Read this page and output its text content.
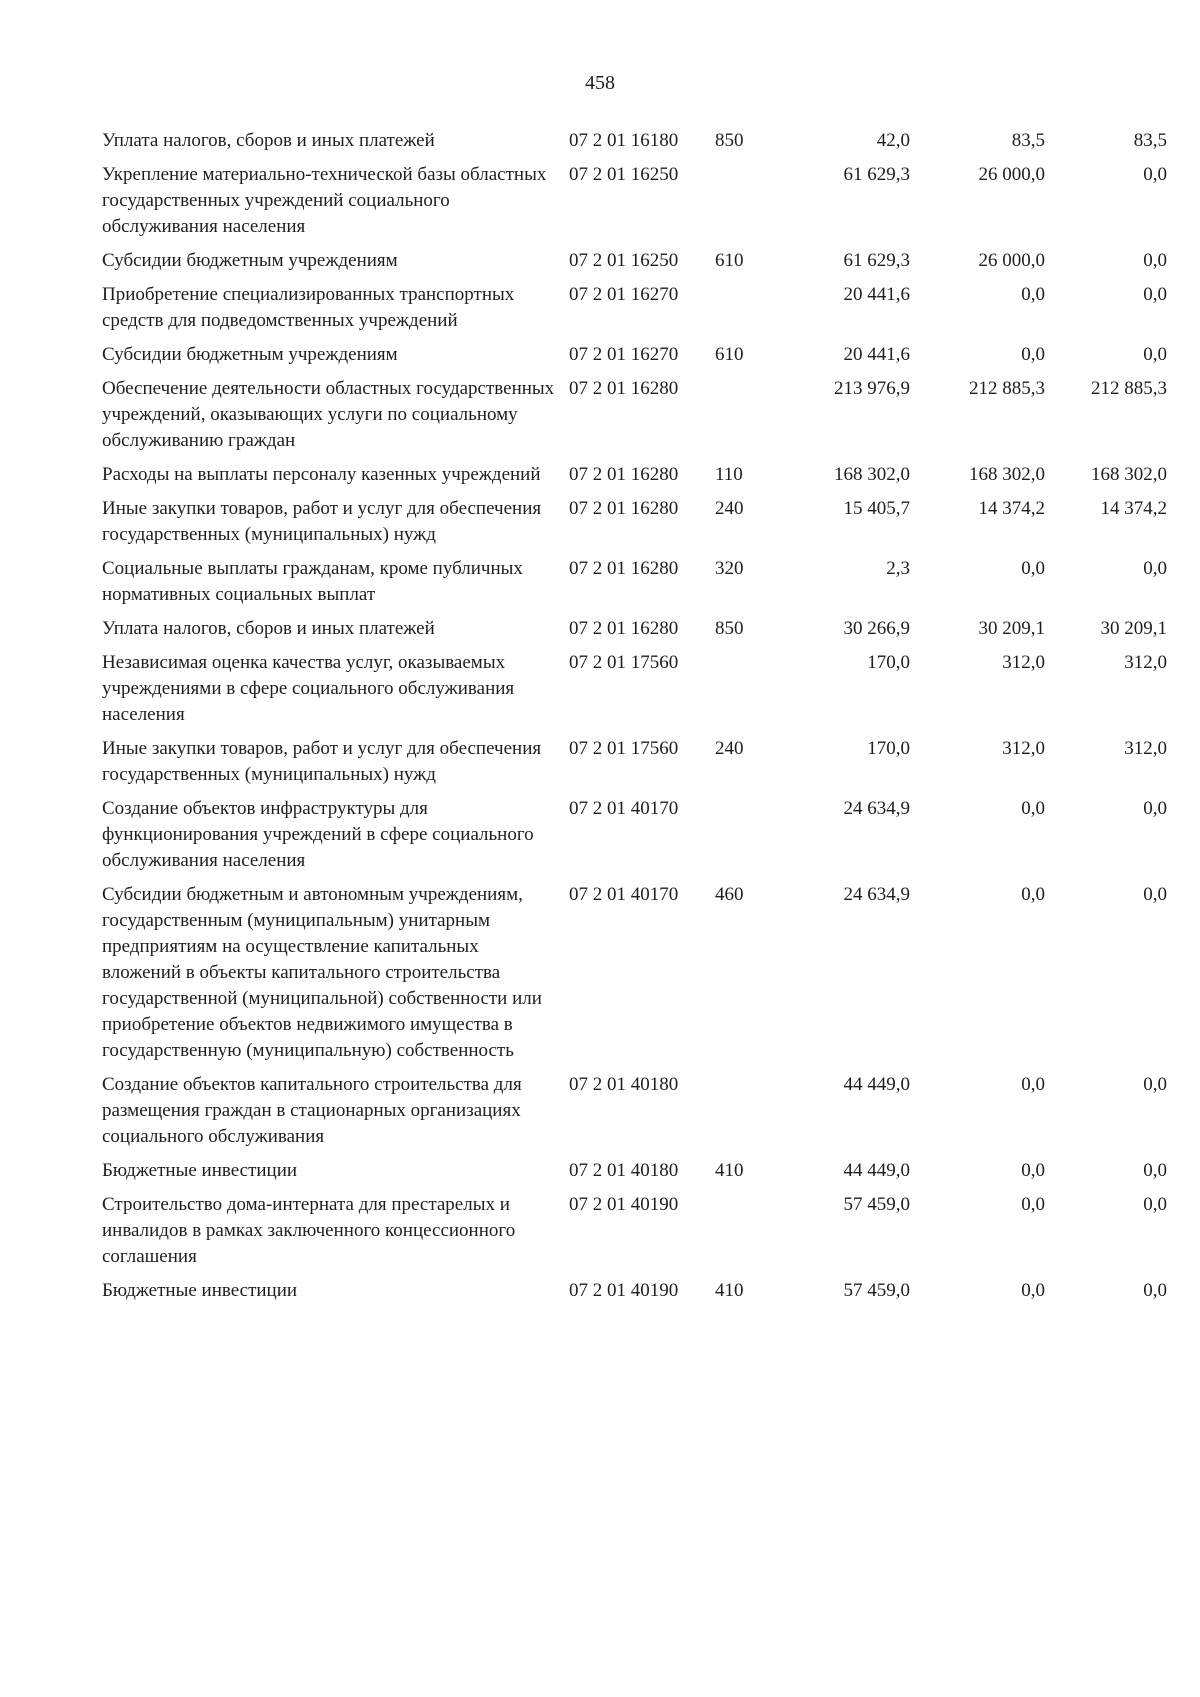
458
Уплата налогов, сборов и иных платежей	07 2 01 16180	850	42,0	83,5	83,5
Укрепление материально-технической базы областных государственных учреждений социального обслуживания населения	07 2 01 16250		61 629,3	26 000,0	0,0
Субсидии бюджетным учреждениям	07 2 01 16250	610	61 629,3	26 000,0	0,0
Приобретение специализированных транспортных средств для подведомственных учреждений	07 2 01 16270		20 441,6	0,0	0,0
Субсидии бюджетным учреждениям	07 2 01 16270	610	20 441,6	0,0	0,0
Обеспечение деятельности областных государственных учреждений, оказывающих услуги по социальному обслуживанию граждан	07 2 01 16280		213 976,9	212 885,3	212 885,3
Расходы на выплаты персоналу казенных учреждений	07 2 01 16280	110	168 302,0	168 302,0	168 302,0
Иные закупки товаров, работ и услуг для обеспечения государственных (муниципальных) нужд	07 2 01 16280	240	15 405,7	14 374,2	14 374,2
Социальные выплаты гражданам, кроме публичных нормативных социальных выплат	07 2 01 16280	320	2,3	0,0	0,0
Уплата налогов, сборов и иных платежей	07 2 01 16280	850	30 266,9	30 209,1	30 209,1
Независимая оценка качества услуг, оказываемых учреждениями в сфере социального обслуживания населения	07 2 01 17560		170,0	312,0	312,0
Иные закупки товаров, работ и услуг для обеспечения государственных (муниципальных) нужд	07 2 01 17560	240	170,0	312,0	312,0
Создание объектов инфраструктуры для функционирования учреждений в сфере социального обслуживания населения	07 2 01 40170		24 634,9	0,0	0,0
Субсидии бюджетным и автономным учреждениям, государственным (муниципальным) унитарным предприятиям на осуществление капитальных вложений в объекты капитального строительства государственной (муниципальной) собственности или приобретение объектов недвижимого имущества в государственную (муниципальную) собственность	07 2 01 40170	460	24 634,9	0,0	0,0
Создание объектов капитального строительства для размещения граждан в стационарных организациях социального обслуживания	07 2 01 40180		44 449,0	0,0	0,0
Бюджетные инвестиции	07 2 01 40180	410	44 449,0	0,0	0,0
Строительство дома-интерната для престарелых и инвалидов в рамках заключенного концессионного соглашения	07 2 01 40190		57 459,0	0,0	0,0
Бюджетные инвестиции	07 2 01 40190	410	57 459,0	0,0	0,0
